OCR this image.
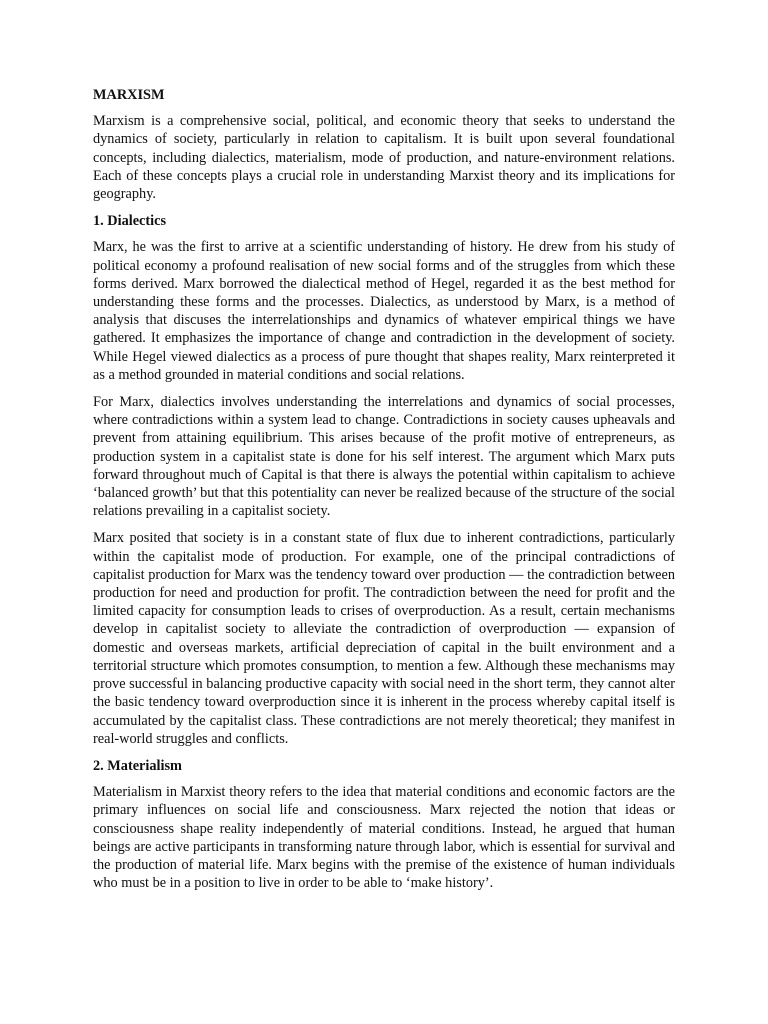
MARXISM

Marxism is a comprehensive social, political, and economic theory that seeks to understand the dynamics of society, particularly in relation to capitalism. It is built upon several foundational concepts, including dialectics, materialism, mode of production, and nature-environment relations. Each of these concepts plays a crucial role in understanding Marxist theory and its implications for geography.

1. Dialectics

Marx, he was the first to arrive at a scientific understanding of history. He drew from his study of political economy a profound realisation of new social forms and of the struggles from which these forms derived. Marx borrowed the dialectical method of Hegel, regarded it as the best method for understanding these forms and the processes. Dialectics, as understood by Marx, is a method of analysis that discuses the interrelationships and dynamics of whatever empirical things we have gathered. It emphasizes the importance of change and contradiction in the development of society. While Hegel viewed dialectics as a process of pure thought that shapes reality, Marx reinterpreted it as a method grounded in material conditions and social relations.

For Marx, dialectics involves understanding the interrelations and dynamics of social processes, where contradictions within a system lead to change. Contradictions in society causes upheavals and prevent from attaining equilibrium. This arises because of the profit motive of entrepreneurs, as production system in a capitalist state is done for his self interest. The argument which Marx puts forward throughout much of Capital is that there is always the potential within capitalism to achieve ‘balanced growth’ but that this potentiality can never be realized because of the structure of the social relations prevailing in a capitalist society.

Marx posited that society is in a constant state of flux due to inherent contradictions, particularly within the capitalist mode of production. For example, one of the principal contradictions of capitalist production for Marx was the tendency toward over production — the contradiction between production for need and production for profit. The contradiction between the need for profit and the limited capacity for consumption leads to crises of overproduction. As a result, certain mechanisms develop in capitalist society to alleviate the contradiction of overproduction — expansion of domestic and overseas markets, artificial depreciation of capital in the built environment and a territorial structure which promotes consumption, to mention a few. Although these mechanisms may prove successful in balancing productive capacity with social need in the short term, they cannot alter the basic tendency toward overproduction since it is inherent in the process whereby capital itself is accumulated by the capitalist class. These contradictions are not merely theoretical; they manifest in real-world struggles and conflicts.

2. Materialism

Materialism in Marxist theory refers to the idea that material conditions and economic factors are the primary influences on social life and consciousness. Marx rejected the notion that ideas or consciousness shape reality independently of material conditions. Instead, he argued that human beings are active participants in transforming nature through labor, which is essential for survival and the production of material life. Marx begins with the premise of the existence of human individuals who must be in a position to live in order to be able to ‘make history’.
